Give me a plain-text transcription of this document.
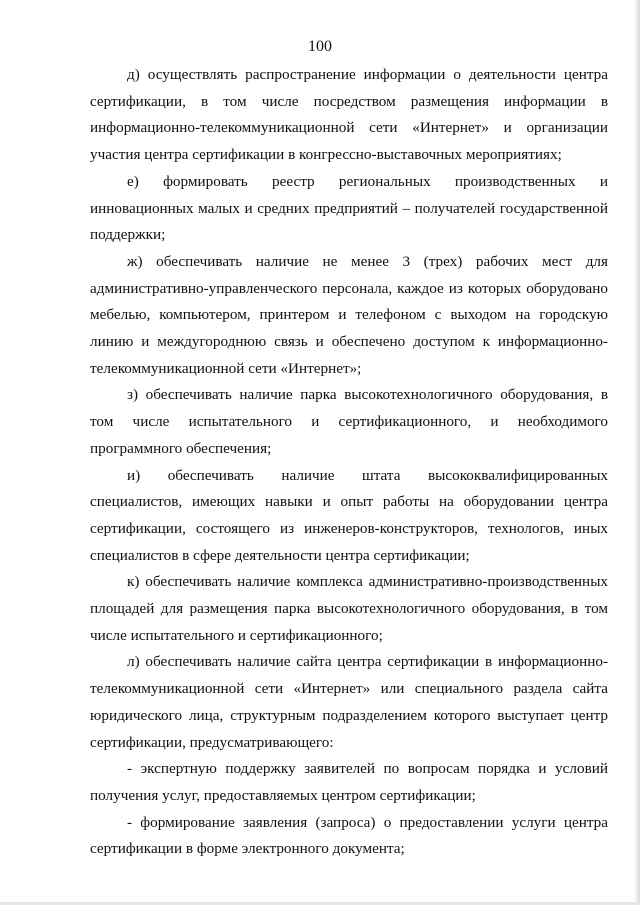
100

д) осуществлять распространение информации о деятельности центра сертификации, в том числе посредством размещения информации в информационно-телекоммуникационной сети «Интернет» и организации участия центра сертификации в конгрессно-выставочных мероприятиях;

е) формировать реестр региональных производственных и инновационных малых и средних предприятий – получателей государственной поддержки;

ж) обеспечивать наличие не менее 3 (трех) рабочих мест для административно-управленческого персонала, каждое из которых оборудовано мебелью, компьютером, принтером и телефоном с выходом на городскую линию и междугороднюю связь и обеспечено доступом к информационно-телекоммуникационной сети «Интернет»;

з) обеспечивать наличие парка высокотехнологичного оборудования, в том числе испытательного и сертификационного, и необходимого программного обеспечения;

и) обеспечивать наличие штата высококвалифицированных специалистов, имеющих навыки и опыт работы на оборудовании центра сертификации, состоящего из инженеров-конструкторов, технологов, иных специалистов в сфере деятельности центра сертификации;

к) обеспечивать наличие комплекса административно-производственных площадей для размещения парка высокотехнологичного оборудования, в том числе испытательного и сертификационного;

л) обеспечивать наличие сайта центра сертификации в информационно-телекоммуникационной сети «Интернет» или специального раздела сайта юридического лица, структурным подразделением которого выступает центр сертификации, предусматривающего:

- экспертную поддержку заявителей по вопросам порядка и условий получения услуг, предоставляемых центром сертификации;

- формирование заявления (запроса) о предоставлении услуги центра сертификации в форме электронного документа;
